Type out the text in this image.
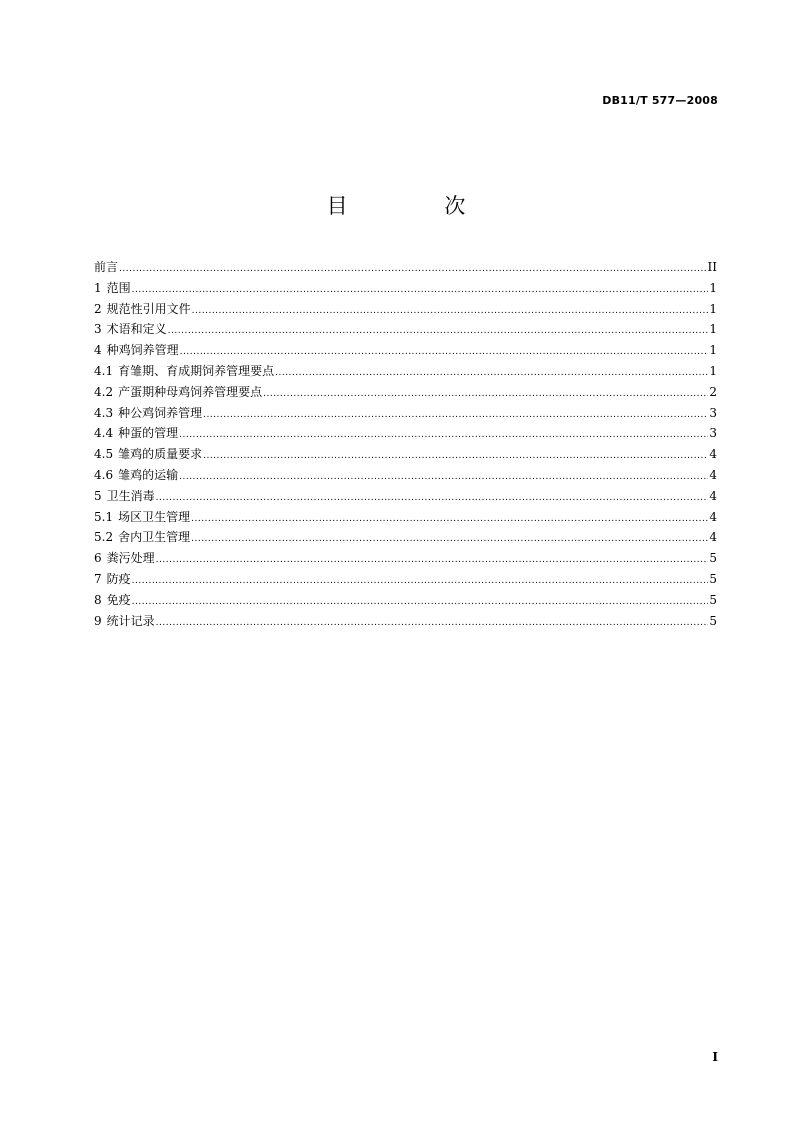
DB11/T 577—2008
目 次
前言 .....	II
1 范围 .....	1
2 规范性引用文件 .....	1
3 术语和定义 .....	1
4 种鸡饲养管理 .....	1
4.1 育雏期、育成期饲养管理要点 .....	1
4.2 产蛋期种母鸡饲养管理要点 .....	2
4.3 种公鸡饲养管理 .....	3
4.4 种蛋的管理 .....	3
4.5 雏鸡的质量要求 .....	4
4.6 雏鸡的运输 .....	4
5 卫生消毒 .....	4
5.1 场区卫生管理 .....	4
5.2 舍内卫生管理 .....	4
6 粪污处理 .....	5
7 防疫 .....	5
8 免疫 .....	5
9 统计记录 .....	5
I
